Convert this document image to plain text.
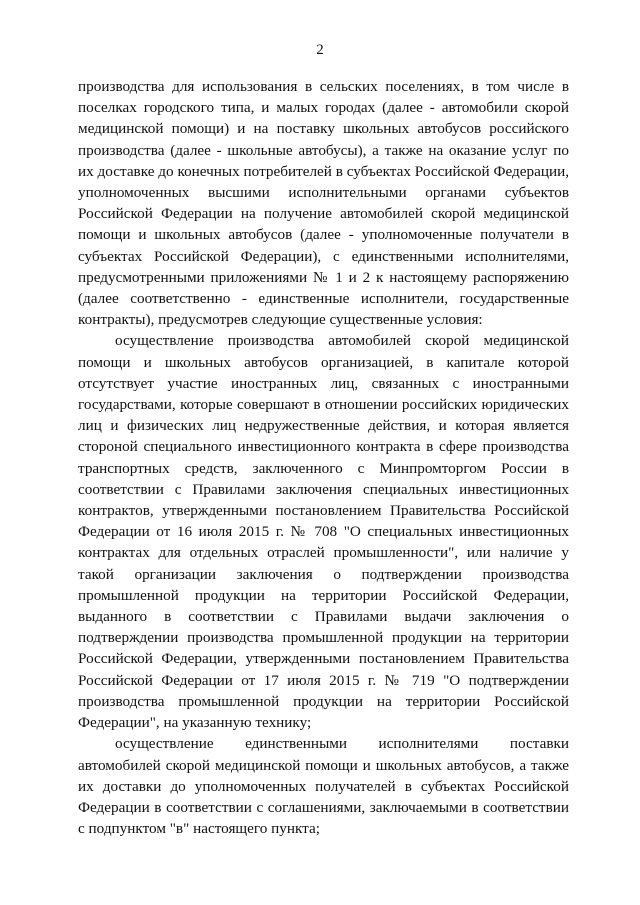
2

производства для использования в сельских поселениях, в том числе в поселках городского типа, и малых городах (далее - автомобили скорой медицинской помощи) и на поставку школьных автобусов российского производства (далее - школьные автобусы), а также на оказание услуг по их доставке до конечных потребителей в субъектах Российской Федерации, уполномоченных высшими исполнительными органами субъектов Российской Федерации на получение автомобилей скорой медицинской помощи и школьных автобусов (далее - уполномоченные получатели в субъектах Российской Федерации), с единственными исполнителями, предусмотренными приложениями № 1 и 2 к настоящему распоряжению (далее соответственно - единственные исполнители, государственные контракты), предусмотрев следующие существенные условия:

осуществление производства автомобилей скорой медицинской помощи и школьных автобусов организацией, в капитале которой отсутствует участие иностранных лиц, связанных с иностранными государствами, которые совершают в отношении российских юридических лиц и физических лиц недружественные действия, и которая является стороной специального инвестиционного контракта в сфере производства транспортных средств, заключенного с Минпромторгом России в соответствии с Правилами заключения специальных инвестиционных контрактов, утвержденными постановлением Правительства Российской Федерации от 16 июля 2015 г. № 708 "О специальных инвестиционных контрактах для отдельных отраслей промышленности", или наличие у такой организации заключения о подтверждении производства промышленной продукции на территории Российской Федерации, выданного в соответствии с Правилами выдачи заключения о подтверждении производства промышленной продукции на территории Российской Федерации, утвержденными постановлением Правительства Российской Федерации от 17 июля 2015 г. № 719 "О подтверждении производства промышленной продукции на территории Российской Федерации", на указанную технику;

осуществление единственными исполнителями поставки автомобилей скорой медицинской помощи и школьных автобусов, а также их доставки до уполномоченных получателей в субъектах Российской Федерации в соответствии с соглашениями, заключаемыми в соответствии с подпунктом "в" настоящего пункта;
